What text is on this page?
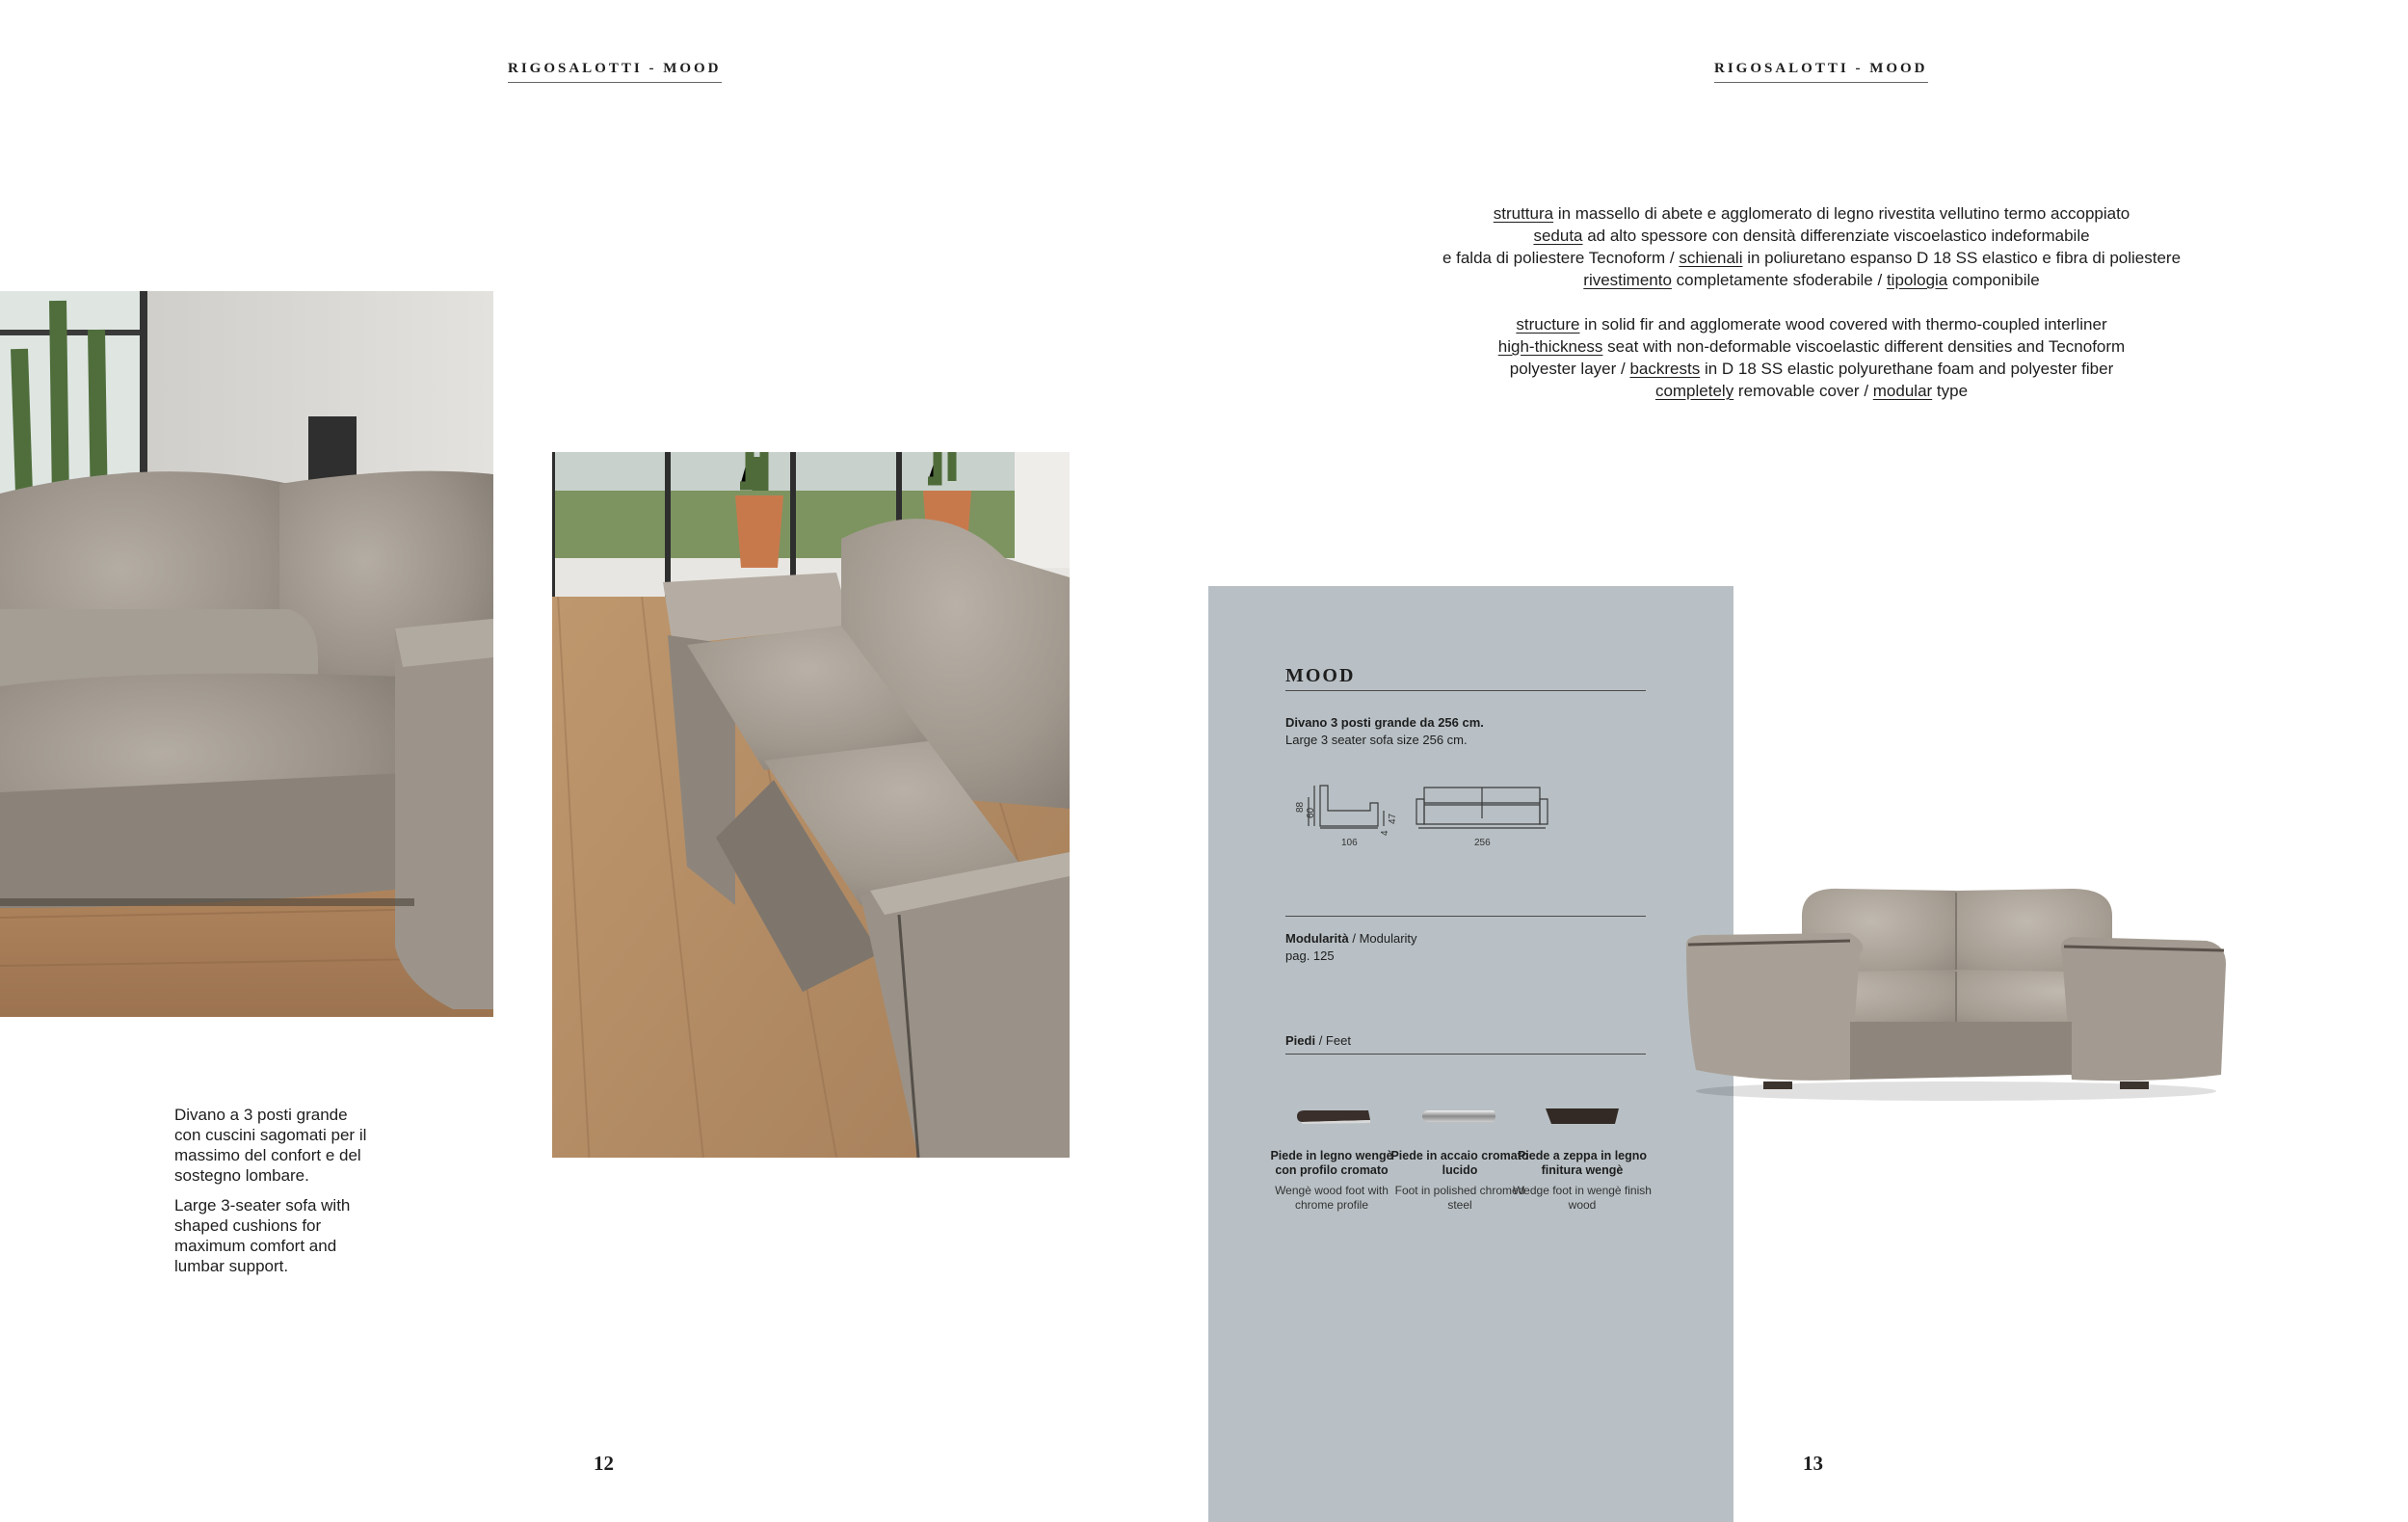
RIGOSALOTTI - MOOD	RIGOSALOTTI - MOOD
Divano a 3 posti grande con cuscini sagomati per il massimo del confort e del sostegno lombare.
Large 3-seater sofa with shaped cushions for maximum comfort and lumbar support.
12	13
struttura in massello di abete e agglomerato di legno rivestita vellutino termo accoppiato
seduta ad alto spessore con densità differenziate viscoelastico indeformabile
e falda di poliestere Tecnoform / schienali in poliuretano espanso D 18 SS elastico e fibra di poliestere
rivestimento completamente sfoderabile / tipologia componibile
structure in solid fir and agglomerate wood covered with thermo-coupled interliner
high-thickness seat with non-deformable viscoelastic different densities and Tecnoform
polyester layer / backrests in D 18 SS elastic polyurethane foam and polyester fiber
completely removable cover / modular type
MOOD
Divano 3 posti grande da 256 cm.
Large 3 seater sofa size 256 cm.
88
60
47
4
106	256
Modularità / Modularity
pag. 125
Piedi / Feet
Piede in legno wengè con profilo cromato
Wengè wood foot with chrome profile
Piede in accaio cromato lucido
Foot in polished chromed steel
Piede a zeppa in legno finitura wengè
Wedge foot in wengè finish wood
